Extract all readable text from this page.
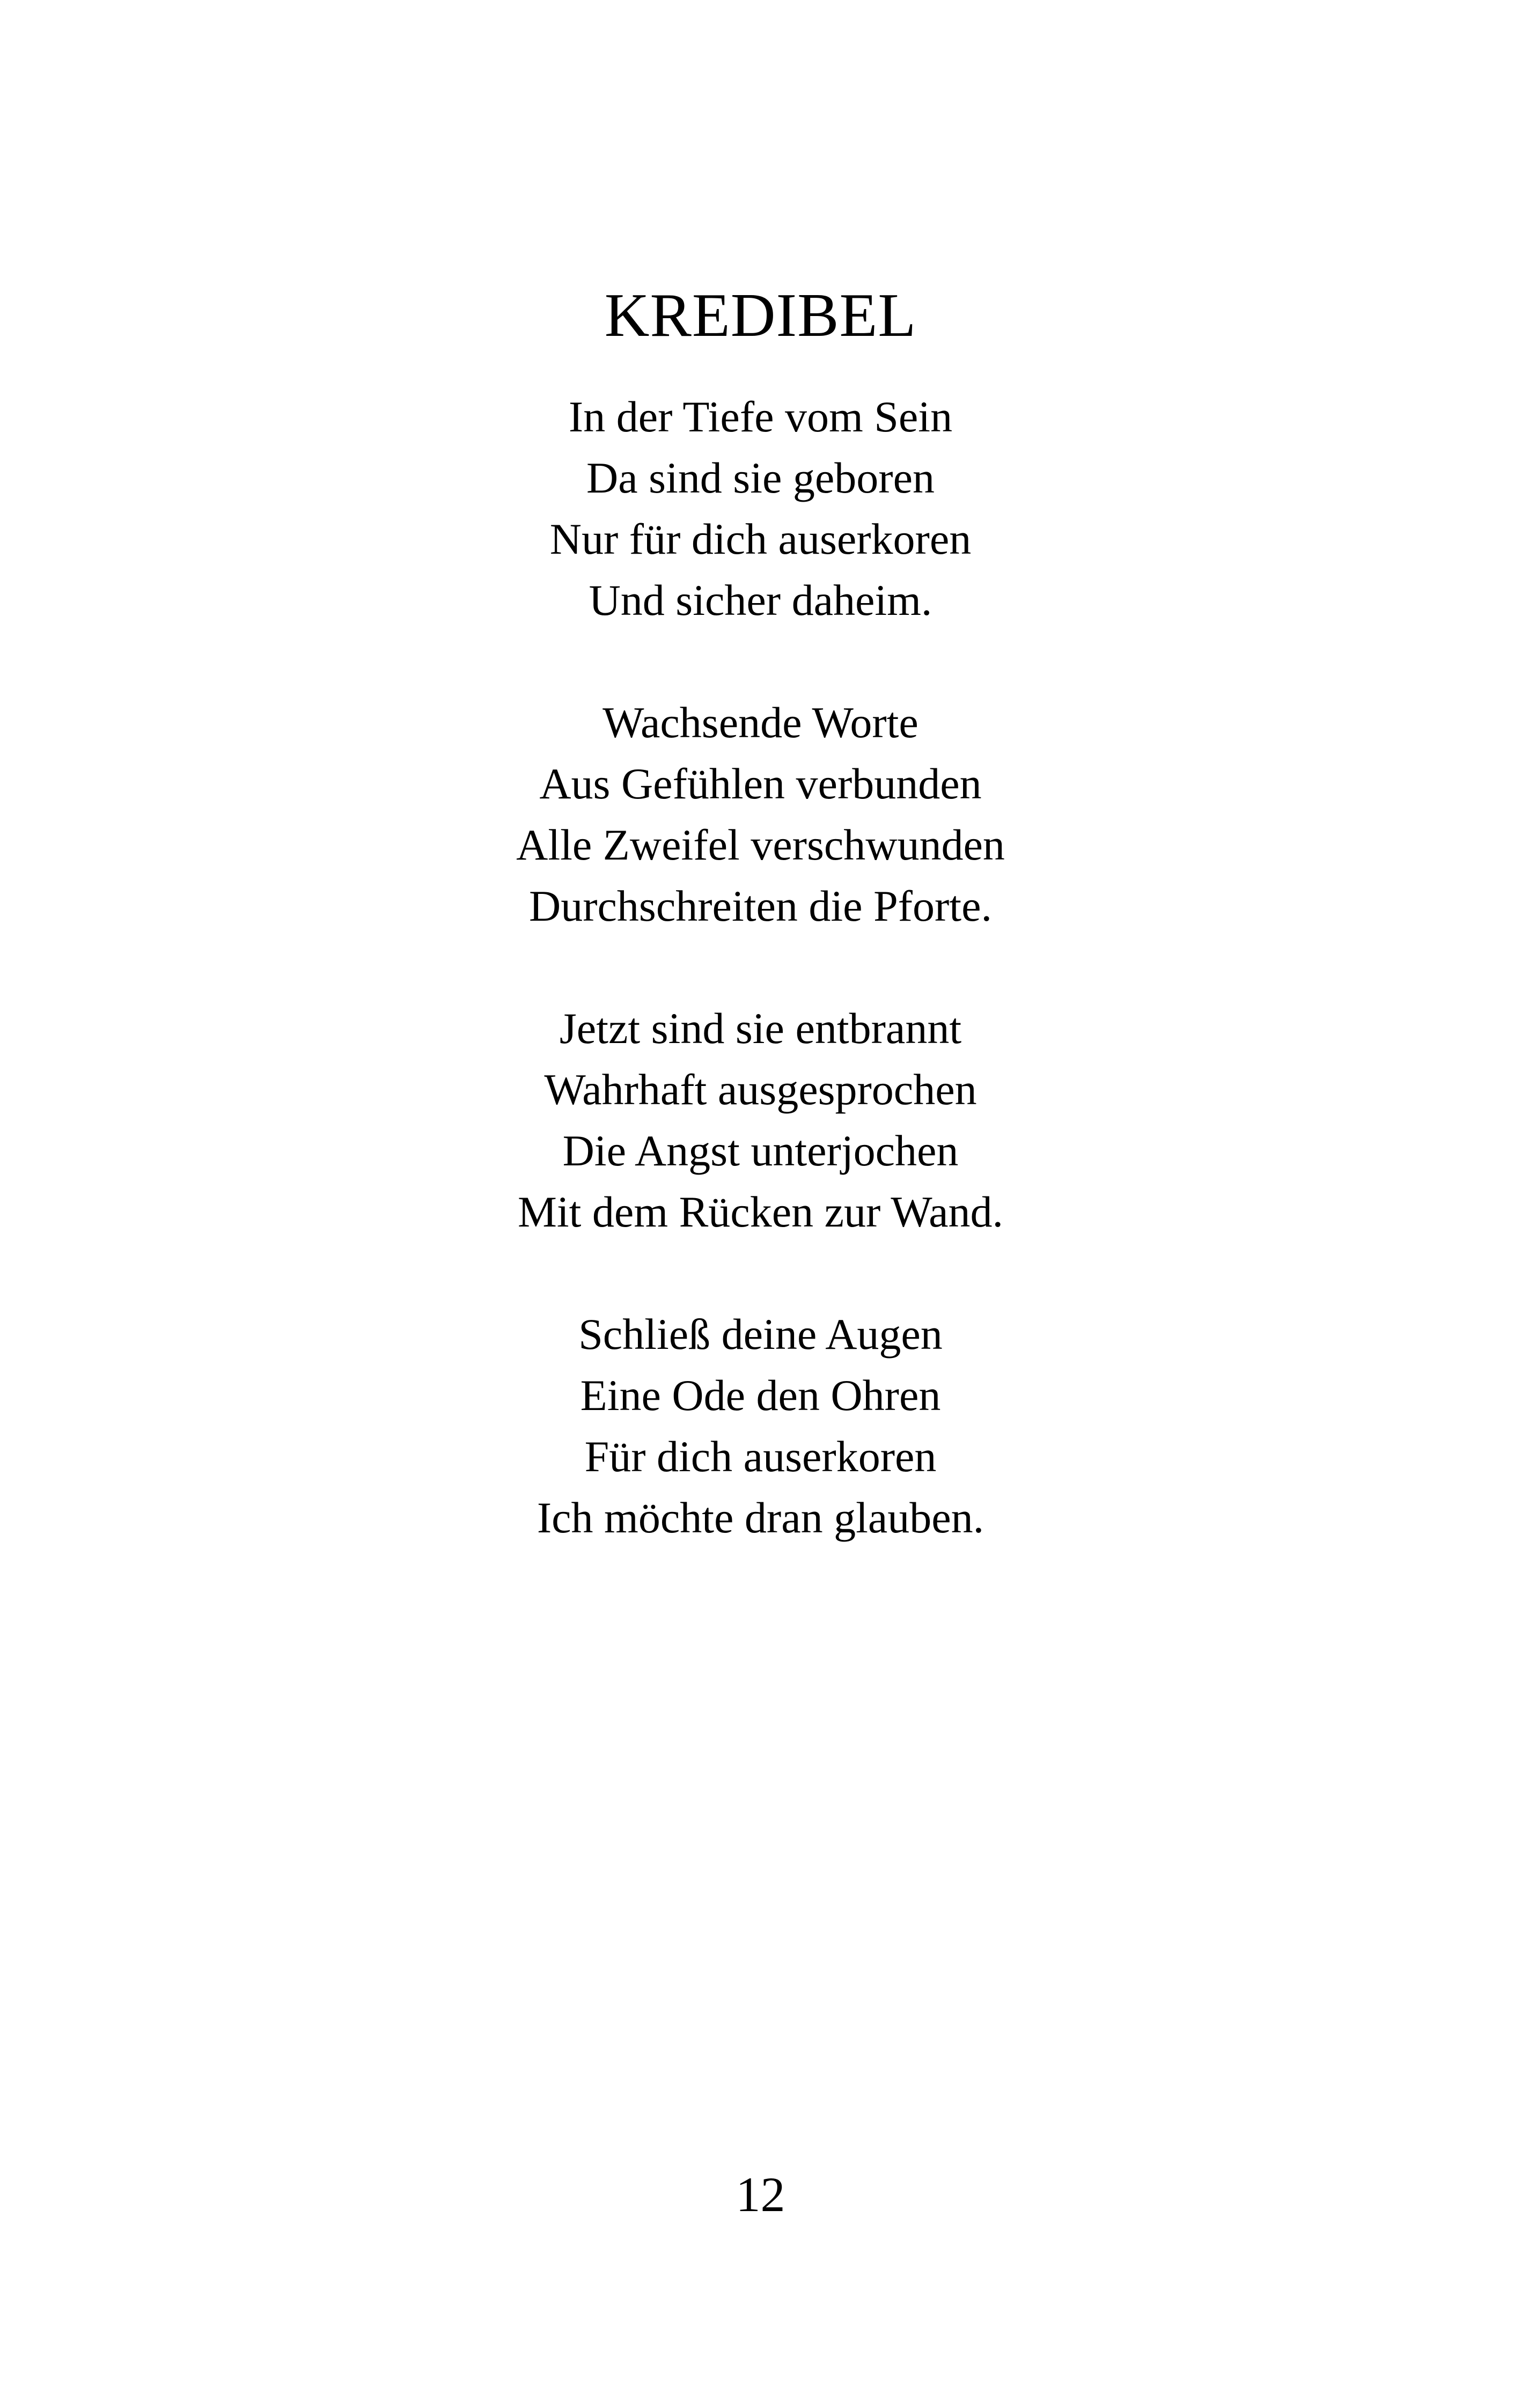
KREDIBEL
In der Tiefe vom Sein
Da sind sie geboren
Nur für dich auserkoren
Und sicher daheim.
Wachsende Worte
Aus Gefühlen verbunden
Alle Zweifel verschwunden
Durchschreiten die Pforte.
Jetzt sind sie entbrannt
Wahrhaft ausgesprochen
Die Angst unterjochen
Mit dem Rücken zur Wand.
Schließ deine Augen
Eine Ode den Ohren
Für dich auserkoren
Ich möchte dran glauben.
12
